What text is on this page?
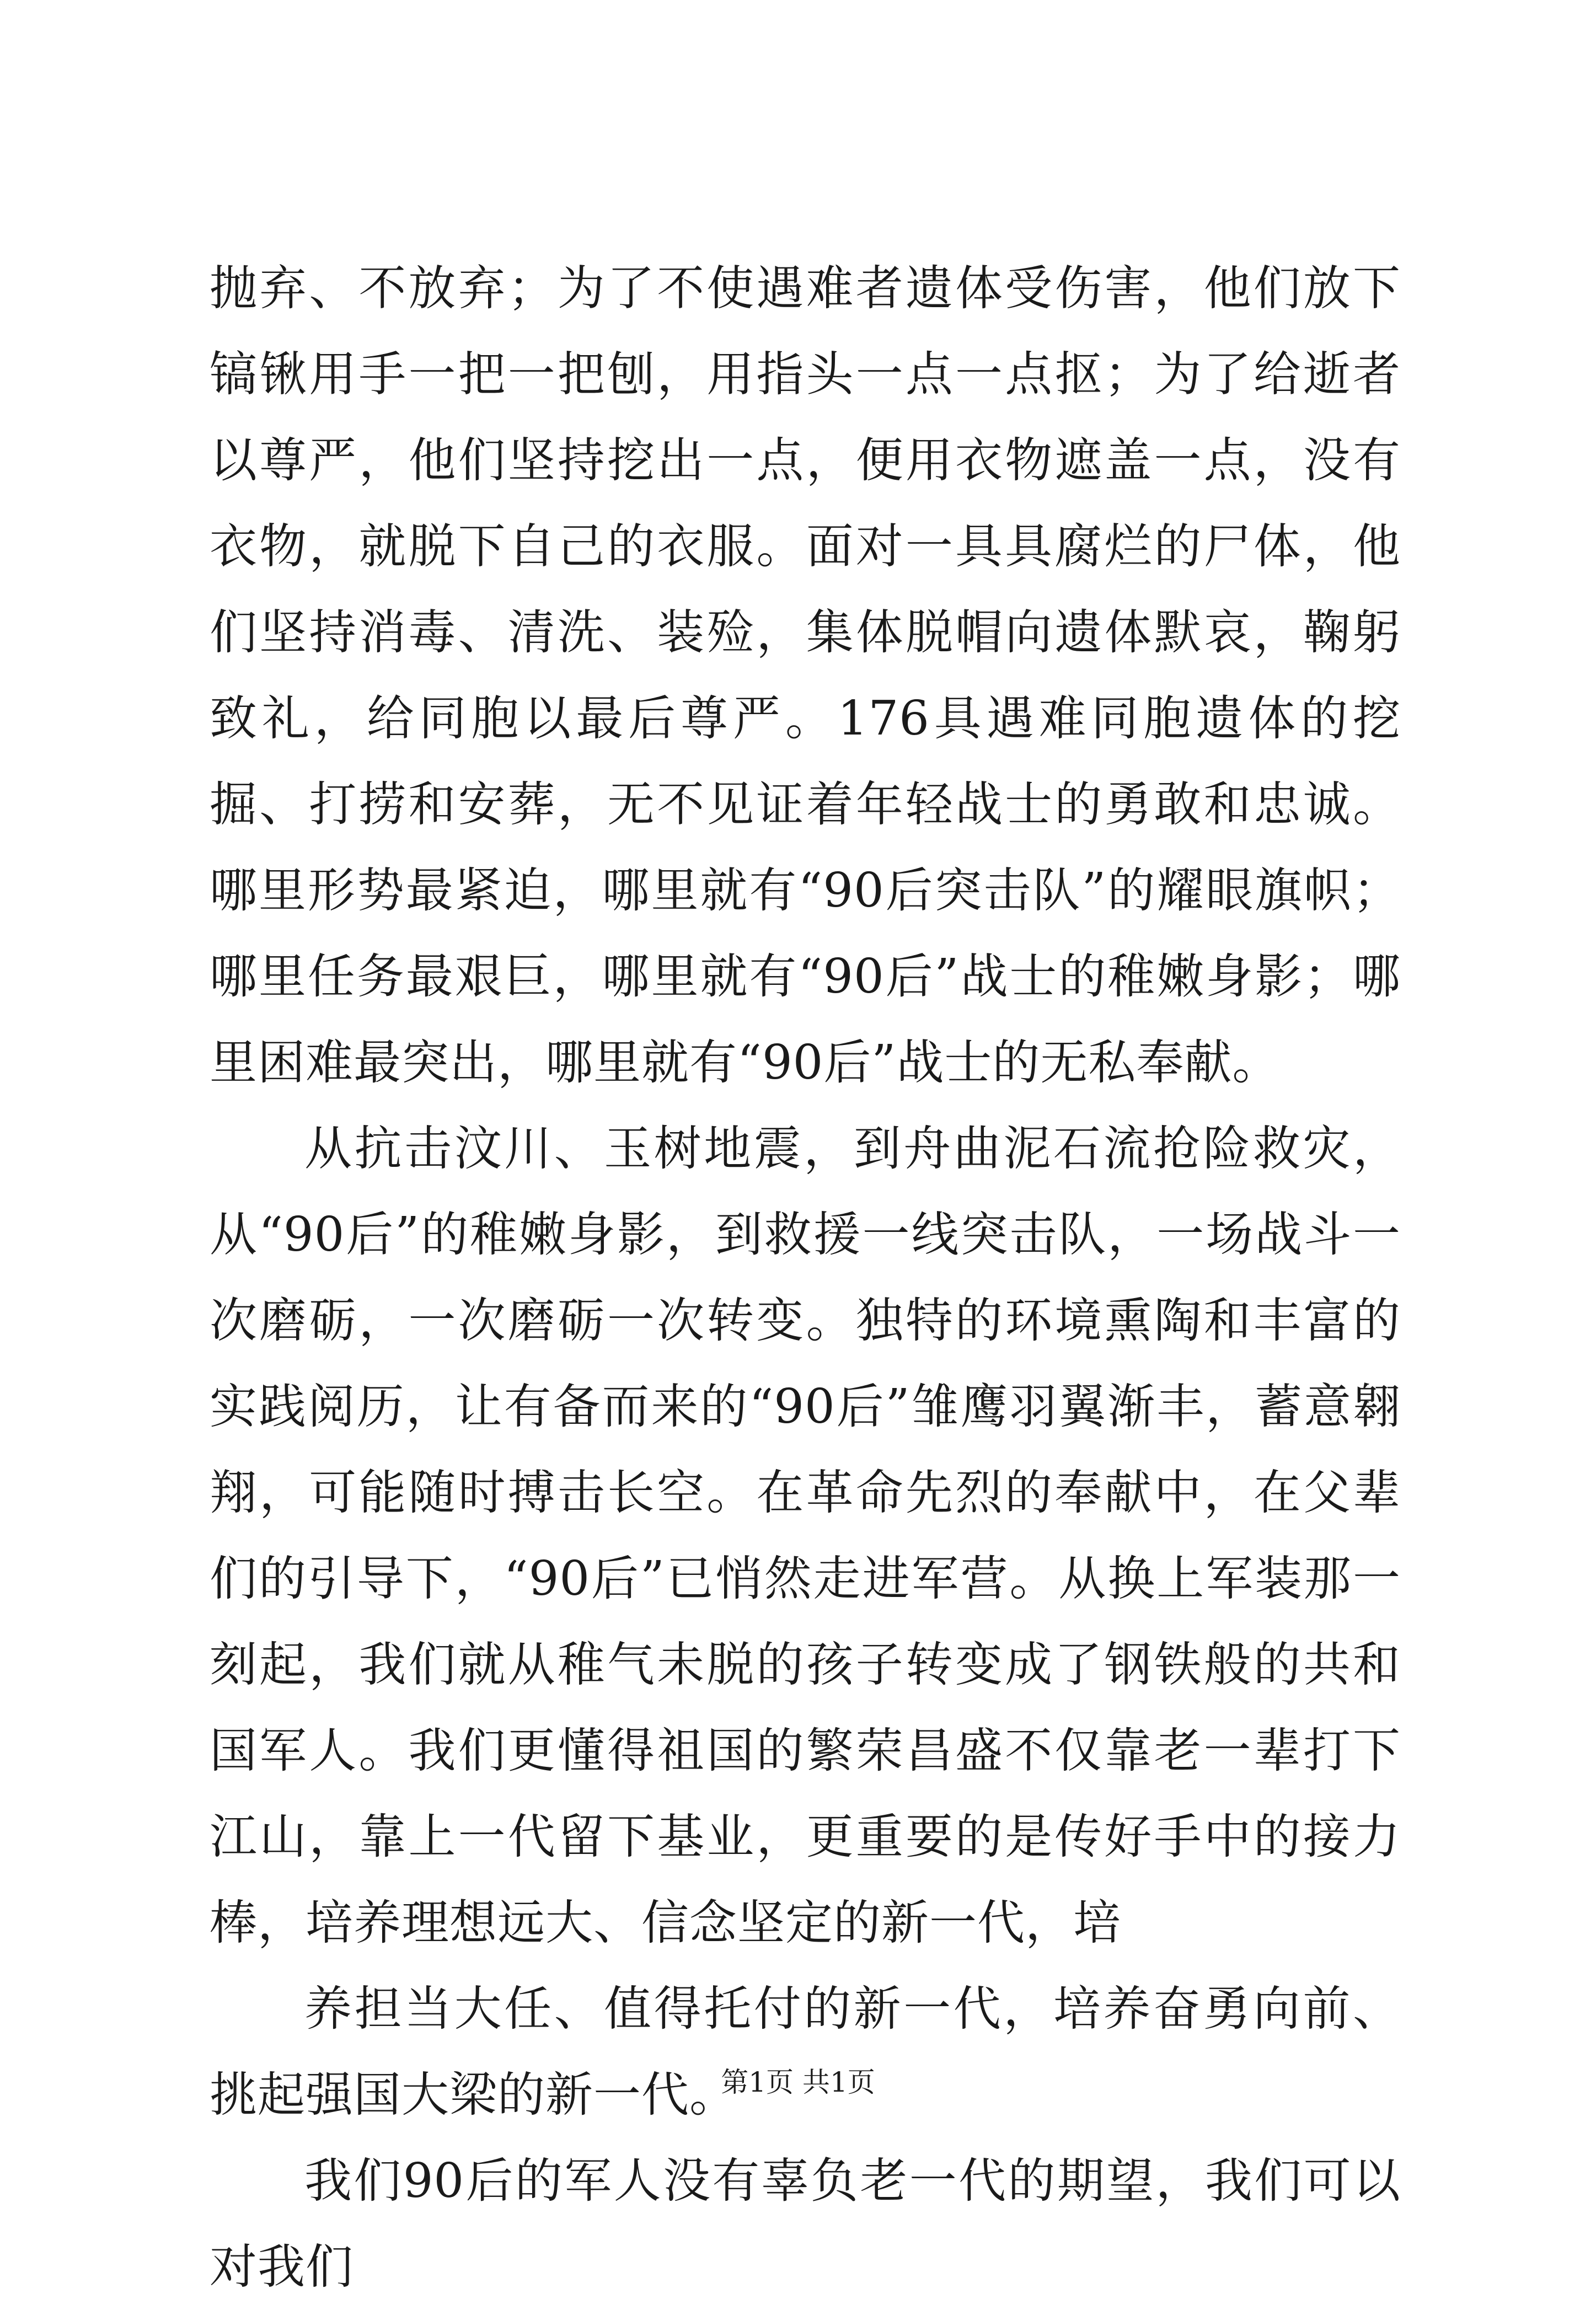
抛弃、不放弃；为了不使遇难者遗体受伤害，他们放下镐锹用手一把一把刨，用指头一点一点抠；为了给逝者以尊严，他们坚持挖出一点，便用衣物遮盖一点，没有衣物，就脱下自己的衣服。面对一具具腐烂的尸体，他们坚持消毒、清洗、装殓，集体脱帽向遗体默哀，鞠躬致礼，给同胞以最后尊严。176具遇难同胞遗体的挖掘、打捞和安葬，无不见证着年轻战士的勇敢和忠诚。哪里形势最紧迫，哪里就有“90后突击队”的耀眼旗帜；哪里任务最艰巨，哪里就有“90后”战士的稚嫩身影；哪里困难最突出，哪里就有“90后”战士的无私奉献。

从抗击汶川、玉树地震，到舟曲泥石流抢险救灾，从“90后”的稚嫩身影，到救援一线突击队，一场战斗一次磨砺，一次磨砺一次转变。独特的环境熏陶和丰富的实践阅历，让有备而来的“90后”雏鹰羽翼渐丰，蓄意翱翔，可能随时搏击长空。在革命先烈的奉献中，在父辈们的引导下，“90后”已悄然走进军营。从换上军装那一刻起，我们就从稚气未脱的孩子转变成了钢铁般的共和国军人。我们更懂得祖国的繁荣昌盛不仅靠老一辈打下江山，靠上一代留下基业，更重要的是传好手中的接力棒，培养理想远大、信念坚定的新一代，培

养担当大任、值得托付的新一代，培养奋勇向前、挑起强国大梁的新一代。

我们90后的军人没有辜负老一代的期望，我们可以对我们

第1页 共1页
